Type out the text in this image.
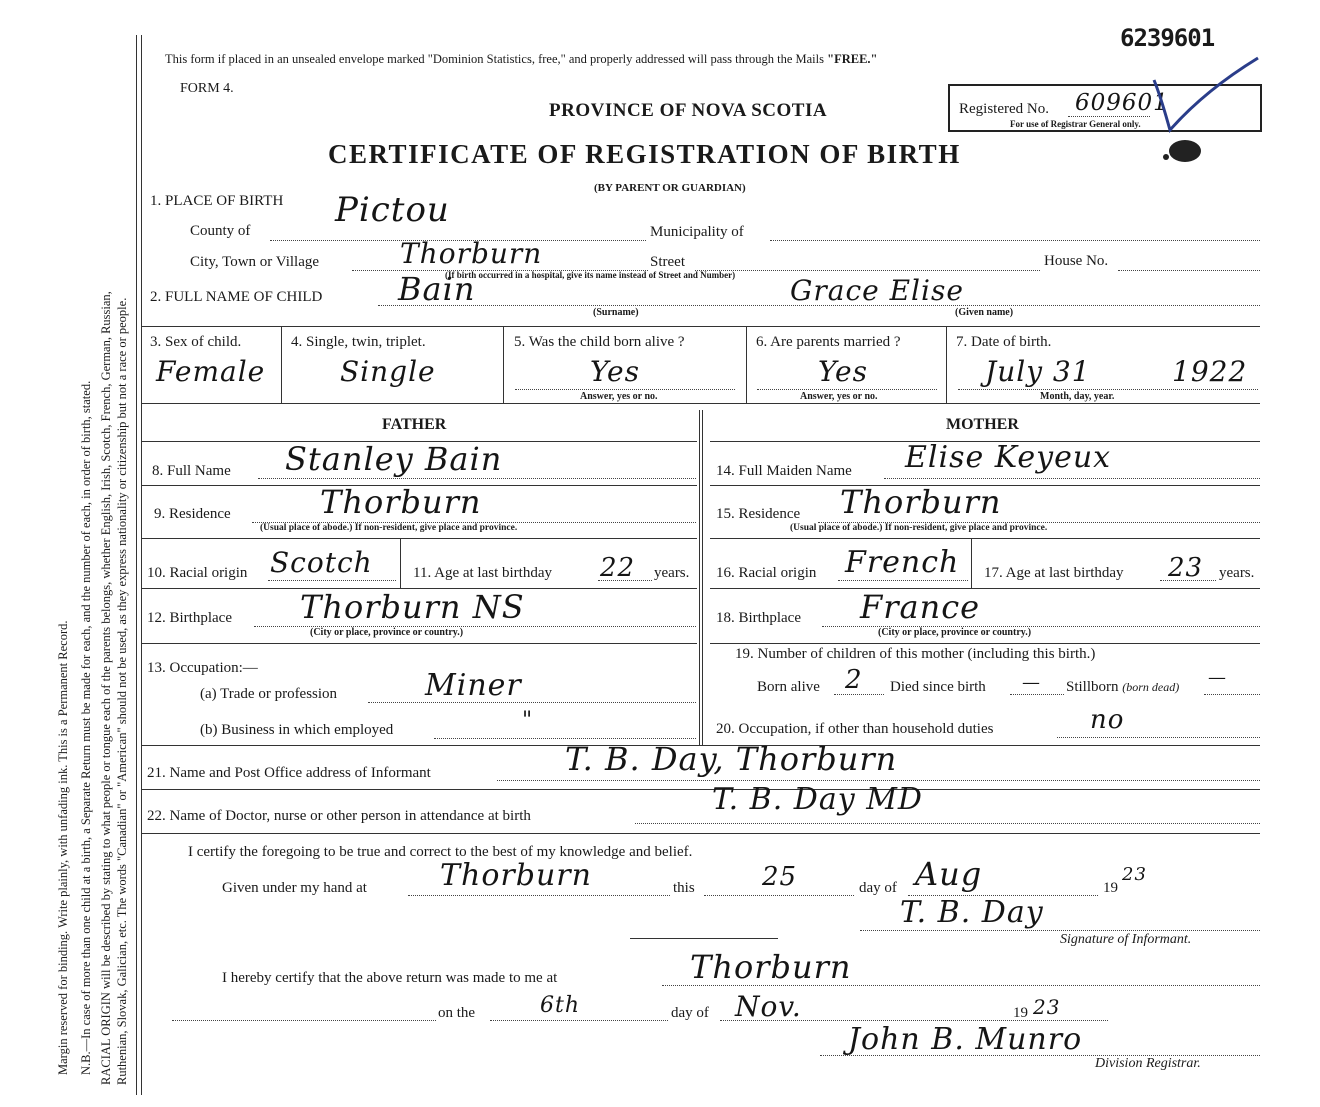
Margin reserved for binding. Write plainly, with unfading ink. This is a Permanent Record. N.B.—In case of more than one child at a birth, a Separate Return must be made for each, and the number of each, in order of birth, stated. RACIAL ORIGIN will be described by stating to what people or tongue each of the parents belongs, whether English, Irish, Scotch, French, German, Russian, Ruthenian, Slovak, Galician, etc. The words "Canadian" or "American" should not be used, as they express nationality or citizenship but not a race or people.
This form if placed in an unsealed envelope marked "Dominion Statistics, free," and properly addressed will pass through the Mails "FREE."
6239601
FORM 4.
PROVINCE OF NOVA SCOTIA
CERTIFICATE OF REGISTRATION OF BIRTH
(BY PARENT OR GUARDIAN)
Registered No. 609601
For use of Registrar General only.
1. PLACE OF BIRTH
County of
Pictou
Municipality of
City, Town or Village	Thorburn	Street
(If birth occurred in a hospital, give its name instead of Street and Number)
House No.
2. FULL NAME OF CHILD Bain	Grace Elise
(Surname)	(Given name)
3. Sex of child.
Female
4. Single, twin, triplet.
Single
5. Was the child born alive ?
Yes
Answer, yes or no.
6. Are parents married ?
Yes
Answer, yes or no.
7. Date of birth.
July 31	1922
Month, day, year.
FATHER	MOTHER
8. Full Name Stanley Bain
9. Residence	Thorburn
(Usual place of abode.) If non-resident, give place and province.
10. Racial origin Scotch	11. Age at last birthday 22 years.
12. Birthplace Thorburn NS
(City or place, province or country.)
13. Occupation:—
(a) Trade or profession	Miner
(b) Business in which employed	"
14. Full Maiden Name Elise Keyeux
15. Residence Thorburn
(Usual place of abode.) If non-resident, give place and province.
16. Racial origin French 17. Age at last birthday 23 years.
18. Birthplace France
(City or place, province or country.)
19. Number of children of this mother (including this birth.)
Born alive 2 Died since birth — Stillborn (born dead) —
20. Occupation, if other than household duties	no
21. Name and Post Office address of Informant	T. B. Day, Thorburn
22. Name of Doctor, nurse or other person in attendance at birth	T. B. Day MD
I certify the foregoing to be true and correct to the best of my knowledge and belief.
Given under my hand at Thorburn	this	25	day of Aug	19
23
T. B. Day
Signature of Informant.
I hereby certify that the above return was made to me at	Thorburn
on the	6th	day of Nov.	19 23
John B. Munro
Division Registrar.
